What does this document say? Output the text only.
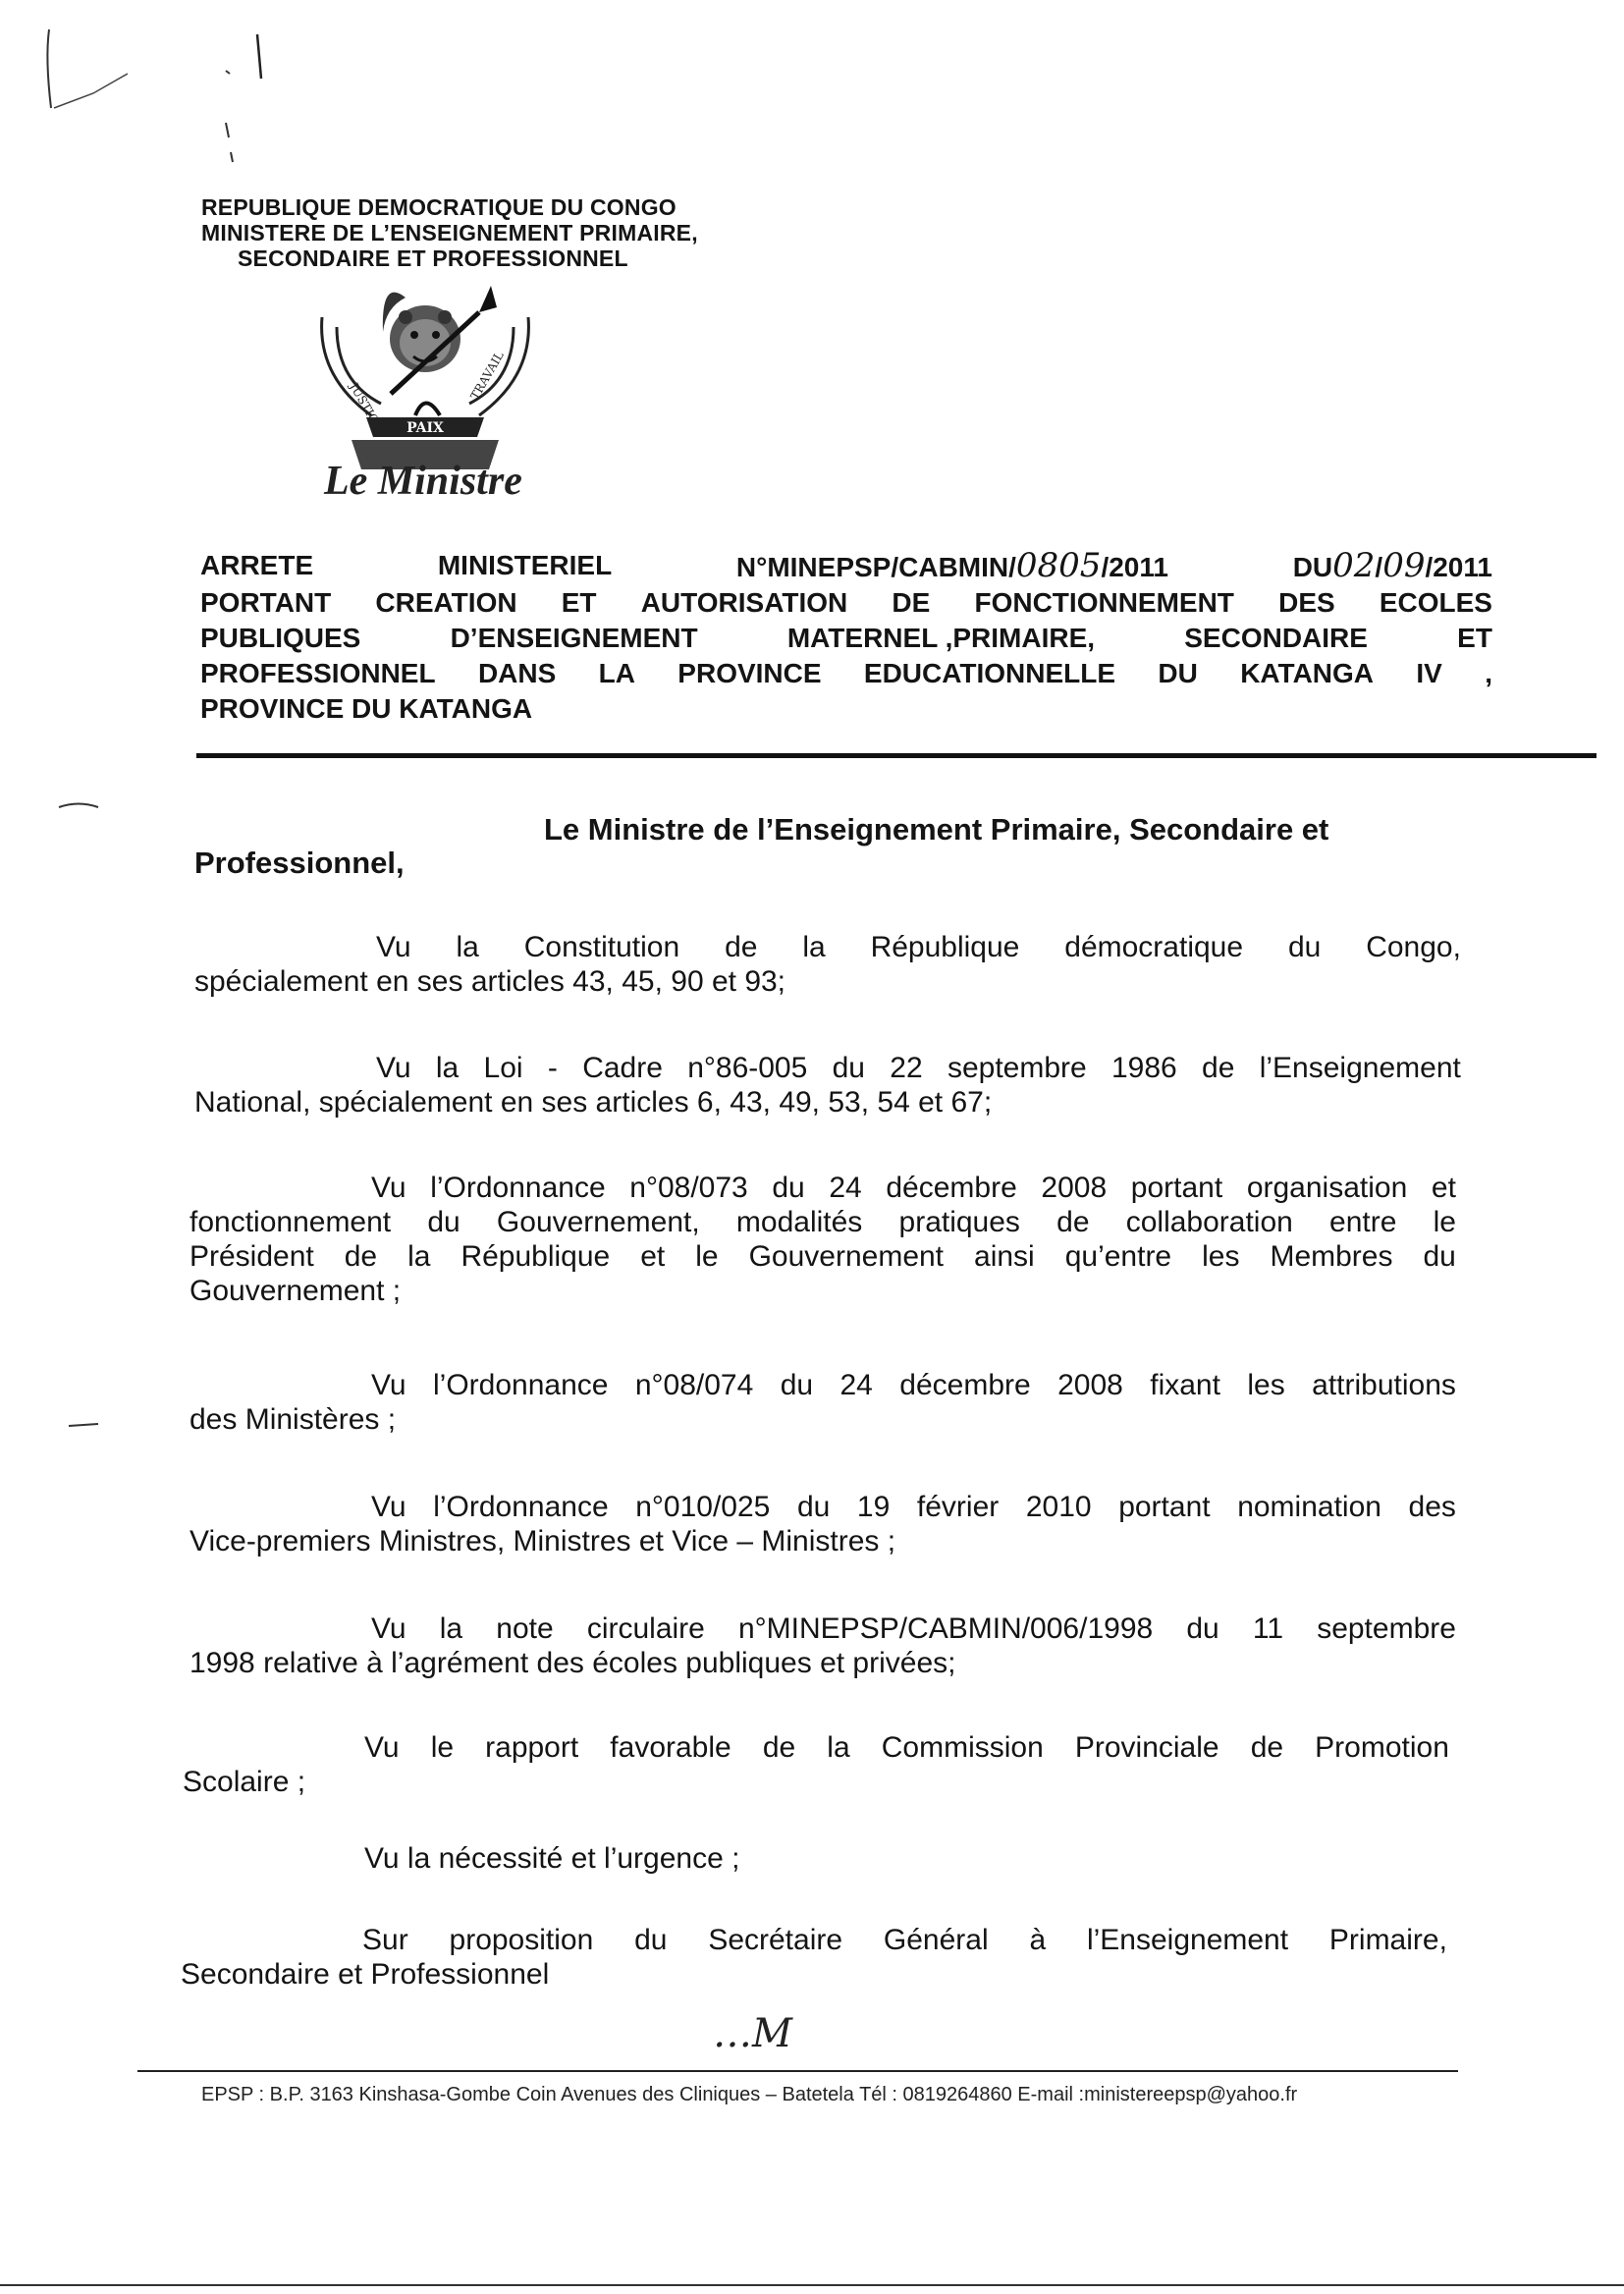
REPUBLIQUE DEMOCRATIQUE DU CONGO
MINISTERE DE L’ENSEIGNEMENT PRIMAIRE,
SECONDAIRE ET PROFESSIONNEL
PAIX
JUSTICE
TRAVAIL
Le Ministre
ARRETE	MINISTERIEL	N°MINEPSP/CABMIN/0805/2011	DU02/09/2011
PORTANT CREATION ET AUTORISATION DE FONCTIONNEMENT DES ECOLES
PUBLIQUES	D’ENSEIGNEMENT	MATERNEL ,PRIMAIRE,	SECONDAIRE	ET
PROFESSIONNEL DANS LA PROVINCE EDUCATIONNELLE DU KATANGA IV ,
PROVINCE DU KATANGA
Le Ministre de l’Enseignement Primaire, Secondaire et
Professionnel,
Vu la Constitution de la République démocratique du Congo,
spécialement en ses articles 43, 45, 90 et 93;
Vu la Loi - Cadre n°86-005 du 22 septembre 1986 de l’Enseignement
National, spécialement en ses articles 6, 43, 49, 53, 54 et 67;
Vu l’Ordonnance n°08/073 du 24 décembre 2008 portant organisation et
fonctionnement du Gouvernement, modalités pratiques de collaboration entre le
Président de la République et le Gouvernement ainsi qu’entre les Membres du
Gouvernement ;
Vu l’Ordonnance n°08/074 du 24 décembre 2008 fixant les attributions
des Ministères ;
Vu l’Ordonnance n°010/025 du 19 février 2010 portant nomination des
Vice-premiers Ministres, Ministres et Vice – Ministres ;
Vu la note circulaire n°MINEPSP/CABMIN/006/1998 du 11 septembre
1998 relative à l’agrément des écoles publiques et privées;
Vu le rapport favorable de la Commission Provinciale de Promotion
Scolaire ;
Vu la nécessité et l’urgence ;
Sur proposition du Secrétaire Général à l’Enseignement Primaire,
Secondaire et Professionnel
…M
EPSP : B.P. 3163 Kinshasa-Gombe Coin Avenues des Cliniques – Batetela Tél : 0819264860 E-mail :ministereepsp@yahoo.fr
